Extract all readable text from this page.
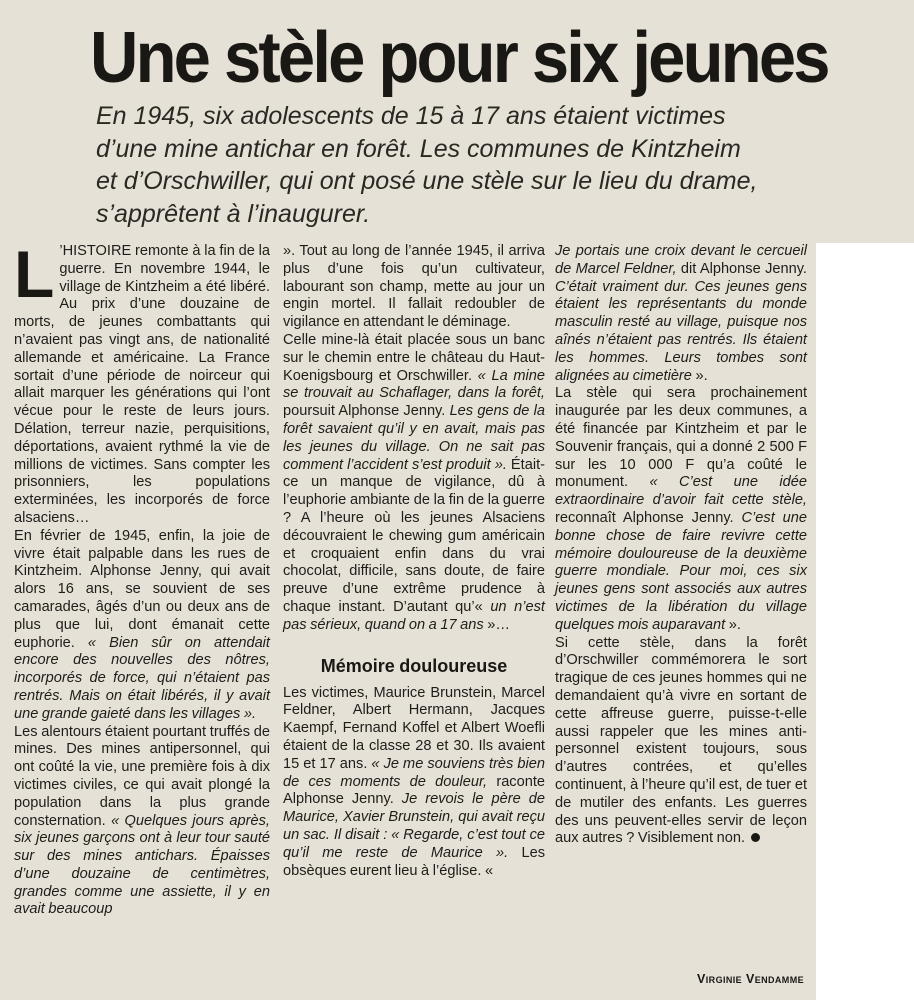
Une stèle pour six jeunes

En 1945, six adolescents de 15 à 17 ans étaient victimes
d’une mine antichar en forêt. Les communes de Kintzheim
et d’Orschwiller, qui ont posé une stèle sur le lieu du drame,
s’apprêtent à l’inaugurer.

L ’HISTOIRE remonte à la fin de la guerre. En novembre 1944, le village de Kintzheim a été libéré. Au prix d’une douzaine de morts, de jeunes combattants qui n’avaient pas vingt ans, de nationalité allemande et américaine. La France sortait d’une période de noirceur qui allait marquer les générations qui l’ont vécue pour le reste de leurs jours. Délation, terreur nazie, perquisitions, déportations, avaient rythmé la vie de millions de victimes. Sans compter les prisonniers, les populations exterminées, les incorporés de force alsaciens…

En février de 1945, enfin, la joie de vivre était palpable dans les rues de Kintzheim. Alphonse Jenny, qui avait alors 16 ans, se souvient de ses camarades, âgés d’un ou deux ans de plus que lui, dont émanait cette euphorie. « Bien sûr on attendait encore des nouvelles des nôtres, incorporés de force, qui n’étaient pas rentrés. Mais on était libérés, il y avait une grande gaieté dans les villages ».

Les alentours étaient pourtant truffés de mines. Des mines antipersonnel, qui ont coûté la vie, une première fois à dix victimes civiles, ce qui avait plongé la population dans la plus grande consternation. « Quelques jours après, six jeunes garçons ont à leur tour sauté sur des mines antichars. Épaisses d’une douzaine de centimètres, grandes comme une assiette, il y en avait beaucoup

». Tout au long de l’année 1945, il arriva plus d’une fois qu’un cultivateur, labourant son champ, mette au jour un engin mortel. Il fallait redoubler de vigilance en attendant le déminage.

Celle mine-là était placée sous un banc sur le chemin entre le château du Haut-Koenigsbourg et Orschwiller. « La mine se trouvait au Schaflager, dans la forêt, poursuit Alphonse Jenny. Les gens de la forêt savaient qu’il y en avait, mais pas les jeunes du village. On ne sait pas comment l’accident s’est produit ». Était-ce un manque de vigilance, dû à l’euphorie ambiante de la fin de la guerre ? A l’heure où les jeunes Alsaciens découvraient le chewing gum américain et croquaient enfin dans du vrai chocolat, difficile, sans doute, de faire preuve d’une extrême prudence à chaque instant. D’autant qu’« un n’est pas sérieux, quand on a 17 ans »…

Mémoire douloureuse

Les victimes, Maurice Brunstein, Marcel Feldner, Albert Hermann, Jacques Kaempf, Fernand Koffel et Albert Woefli étaient de la classe 28 et 30. Ils avaient 15 et 17 ans. « Je me souviens très bien de ces moments de douleur, raconte Alphonse Jenny. Je revois le père de Maurice, Xavier Brunstein, qui avait reçu un sac. Il disait : « Regarde, c’est tout ce qu’il me reste de Maurice ». Les obsèques eurent lieu à l’église. «

Je portais une croix devant le cercueil de Marcel Feldner, dit Alphonse Jenny. C’était vraiment dur. Ces jeunes gens étaient les représentants du monde masculin resté au village, puisque nos aînés n’étaient pas rentrés. Ils étaient les hommes. Leurs tombes sont alignées au cimetière ».

La stèle qui sera prochainement inaugurée par les deux communes, a été financée par Kintzheim et par le Souvenir français, qui a donné 2 500 F sur les 10 000 F qu’a coûté le monument. « C’est une idée extraordinaire d’avoir fait cette stèle, reconnaît Alphonse Jenny. C’est une bonne chose de faire revivre cette mémoire douloureuse de la deuxième guerre mondiale. Pour moi, ces six jeunes gens sont associés aux autres victimes de la libération du village quelques mois auparavant ».

Si cette stèle, dans la forêt d’Orschwiller commémorera le sort tragique de ces jeunes hommes qui ne demandaient qu’à vivre en sortant de cette affreuse guerre, puisse-t-elle aussi rappeler que les mines anti-personnel existent toujours, sous d’autres contrées, et qu’elles continuent, à l’heure qu’il est, de tuer et de mutiler des enfants. Les guerres des uns peuvent-elles servir de leçon aux autres ? Visiblement non.

Virginie Vendamme
